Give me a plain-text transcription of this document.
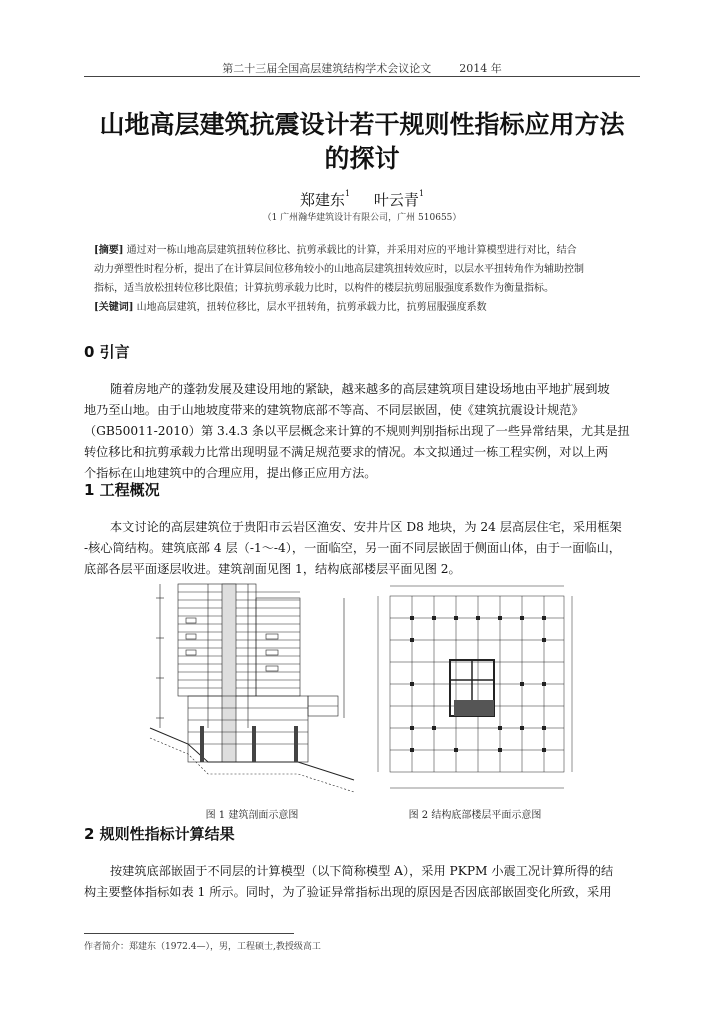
第二十三届全国高层建筑结构学术会议论文	2014 年
山地高层建筑抗震设计若干规则性指标应用方法
的探讨
郑建东$^1$ 叶云青$^1$
（1 广州瀚华建筑设计有限公司，广州 510655）
[摘要] 通过对一栋山地高层建筑扭转位移比、抗剪承载比的计算，并采用对应的平地计算模型进行对比，结合
动力弹塑性时程分析，提出了在计算层间位移角较小的山地高层建筑扭转效应时，以层水平扭转角作为辅助控制
指标，适当放松扭转位移比限值；计算抗剪承载力比时，以构件的楼层抗剪屈服强度系数作为衡量指标。
[关键词] 山地高层建筑，扭转位移比，层水平扭转角，抗剪承载力比，抗剪屈服强度系数
0 引言
随着房地产的蓬勃发展及建设用地的紧缺，越来越多的高层建筑项目建设场地由平地扩展到坡
地乃至山地。由于山地坡度带来的建筑物底部不等高、不同层嵌固，使《建筑抗震设计规范》
（GB50011-2010）第 3.4.3 条以平层概念来计算的不规则判别指标出现了一些异常结果，尤其是扭
转位移比和抗剪承载力比常出现明显不满足规范要求的情况。本文拟通过一栋工程实例，对以上两
个指标在山地建筑中的合理应用，提出修正应用方法。
1 工程概况
本文讨论的高层建筑位于贵阳市云岩区渔安、安井片区 D8 地块，为 24 层高层住宅，采用框架
-核心筒结构。建筑底部 4 层（-1～-4），一面临空，另一面不同层嵌固于侧面山体，由于一面临山，
底部各层平面逐层收进。建筑剖面见图 1，结构底部楼层平面见图 2。
图 1 建筑剖面示意图	图 2 结构底部楼层平面示意图
2 规则性指标计算结果
按建筑底部嵌固于不同层的计算模型（以下简称模型 A），采用 PKPM 小震工况计算所得的结
构主要整体指标如表 1 所示。同时，为了验证异常指标出现的原因是否因底部嵌固变化所致，采用
作者简介：郑建东（1972.4—），男，工程硕士,教授级高工
